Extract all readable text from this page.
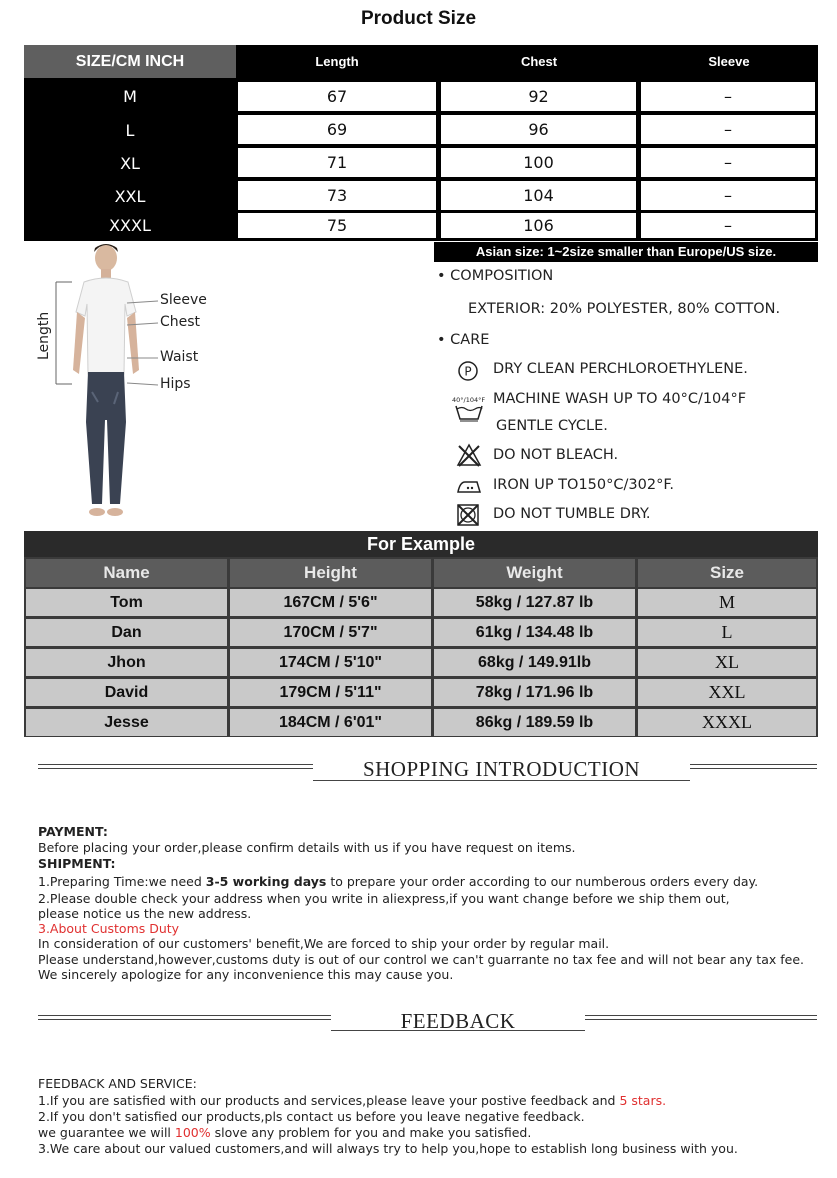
Product Size
SIZE/CM INCH	Length	Chest	Sleeve
M	67	92	–
L	69	96	–
XL	71	100	–
XXL	73	104	–
XXXL	75	106	–
Asian size: 1~2size smaller than Europe/US size.
Length
Sleeve
Chest
Waist
Hips
• COMPOSITION
EXTERIOR: 20% POLYESTER, 80% COTTON.
• CARE
P DRY CLEAN PERCHLOROETHYLENE.
40°/104°F MACHINE WASH UP TO 40°C/104°F
GENTLE CYCLE.
DO NOT BLEACH.
IRON UP TO150°C/302°F.
DO NOT TUMBLE DRY.
For Example
Name	Height	Weight	Size
Tom	167CM / 5'6"	58kg / 127.87 lb	M
Dan	170CM / 5'7"	61kg / 134.48 lb	L
Jhon	174CM / 5'10"	68kg / 149.91lb	XL
David	179CM / 5'11"	78kg / 171.96 lb	XXL
Jesse	184CM / 6'01"	86kg / 189.59 lb	XXXL
SHOPPING INTRODUCTION
PAYMENT:
Before placing your order,please confirm details with us if you have request on items.
SHIPMENT:
1.Preparing Time:we need 3-5 working days to prepare your order according to our numberous orders every day.
2.Please double check your address when you write in aliexpress,if you want change before we ship them out,
please notice us the new address.
3.About Customs Duty
In consideration of our customers' benefit,We are forced to ship your order by regular mail.
Please understand,however,customs duty is out of our control we can't guarrante no tax fee and will not bear any tax fee.
We sincerely apologize for any inconvenience this may cause you.
FEEDBACK
FEEDBACK AND SERVICE:
1.If you are satisfied with our products and services,please leave your postive feedback and 5 stars.
2.If you don't satisfied our products,pls contact us before you leave negative feedback.
we guarantee we will 100% slove any problem for you and make you satisfied.
3.We care about our valued customers,and will always try to help you,hope to establish long business with you.
